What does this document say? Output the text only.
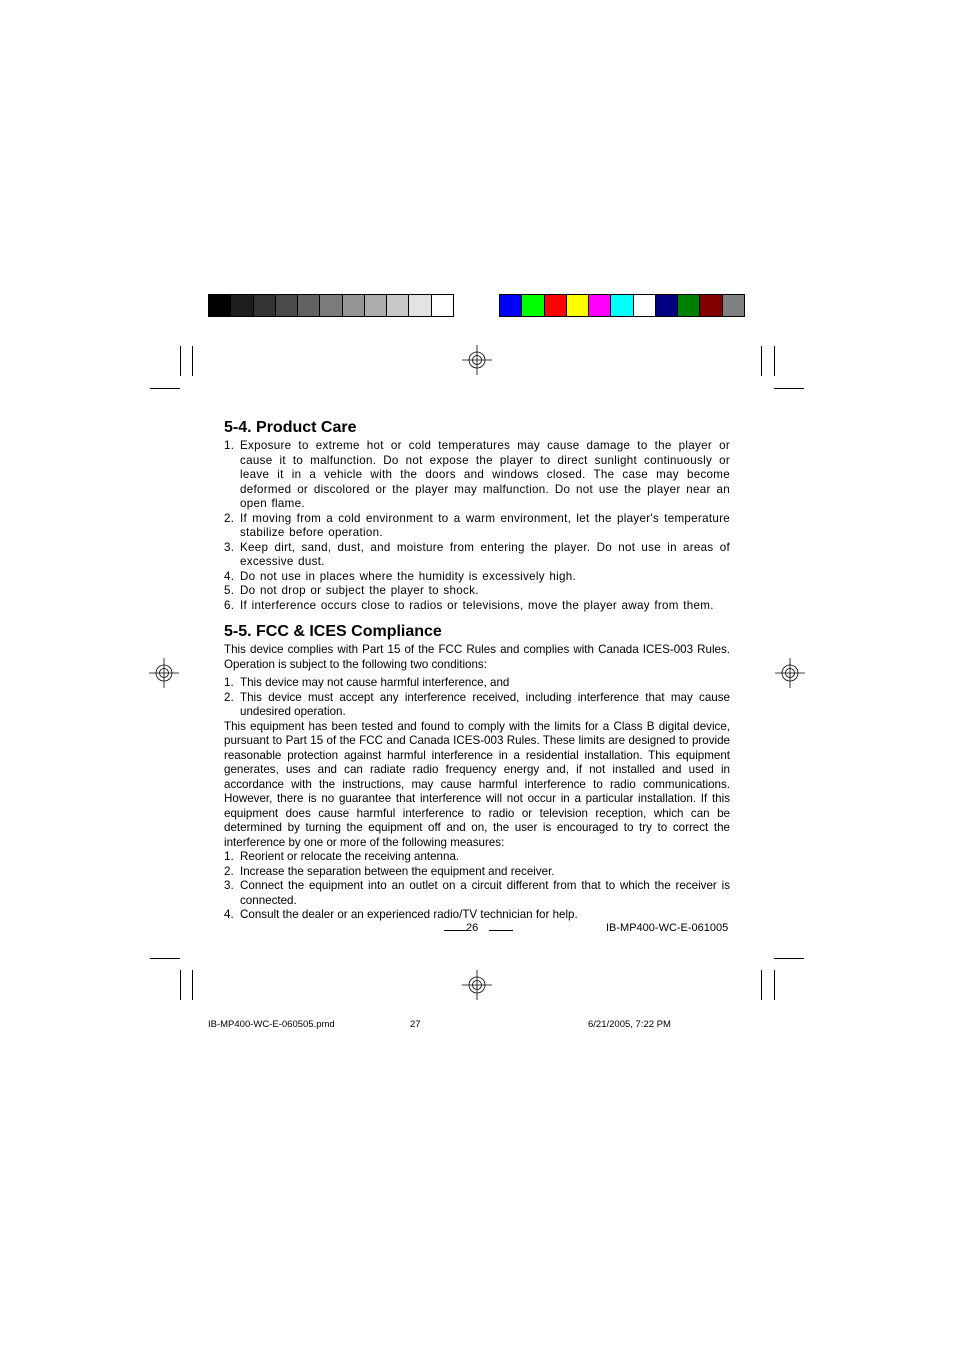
5-4. Product Care
1. Exposure to extreme hot or cold temperatures may cause damage to the player or cause it to malfunction. Do not expose the player to direct sunlight continuously or leave it in a vehicle with the doors and windows closed. The case may become deformed or discolored or the player may malfunction. Do not use the player near an open flame.
2. If moving from a cold environment to a warm environment, let the player's temperature stabilize before operation.
3. Keep dirt, sand, dust, and moisture from entering the player. Do not use in areas of excessive dust.
4. Do not use in places where the humidity is excessively high.
5. Do not drop or subject the player to shock.
6. If interference occurs close to radios or televisions, move the player away from them.
5-5. FCC & ICES Compliance

This device complies with Part 15 of the FCC Rules and complies with Canada ICES-003 Rules. Operation is subject to the following two conditions:

1. This device may not cause harmful interference, and
2. This device must accept any interference received, including interference that may cause undesired operation.

This equipment has been tested and found to comply with the limits for a Class B digital device, pursuant to Part 15 of the FCC and Canada ICES-003 Rules. These limits are designed to provide reasonable protection against harmful interference in a residential installation. This equipment generates, uses and can radiate radio frequency energy and, if not installed and used in accordance with the instructions, may cause harmful interference to radio communications. However, there is no guarantee that interference will not occur in a particular installation. If this equipment does cause harmful interference to radio or television reception, which can be determined by turning the equipment off and on, the user is encouraged to try to correct the interference by one or more of the following measures:

1. Reorient or relocate the receiving antenna.
2. Increase the separation between the equipment and receiver.
3. Connect the equipment into an outlet on a circuit different from that to which the receiver is connected.
4. Consult the dealer or an experienced radio/TV technician for help.
26	IB-MP400-WC-E-061005
IB-MP400-WC-E-060505.pmd	27	6/21/2005, 7:22 PM
